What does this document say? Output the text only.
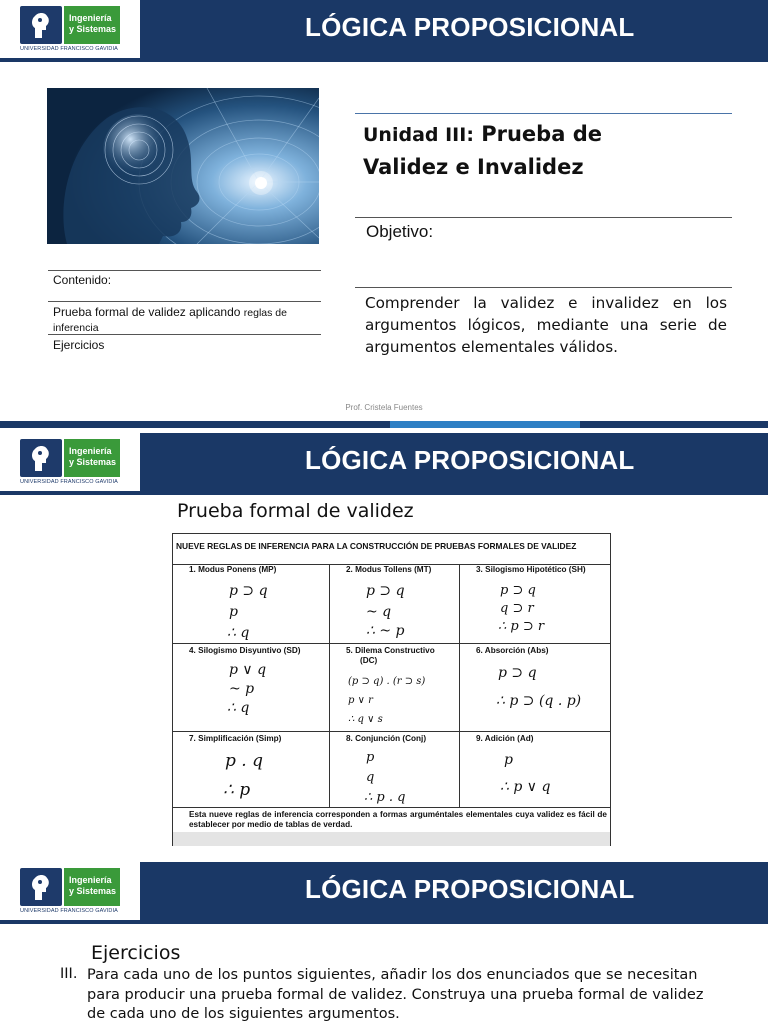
Ingeniería
y Sistemas
UNIVERSIDAD FRANCISCO GAVIDIA
LÓGICA PROPOSICIONAL
Unidad III: Prueba de
Validez e Invalidez
Objetivo:
Comprender la validez e invalidez en los argumentos lógicos, mediante una serie de argumentos elementales válidos.
Contenido:
Prueba formal de validez aplicando reglas de inferencia
Ejercicios
Prof. Cristela Fuentes
Ingeniería
y Sistemas
UNIVERSIDAD FRANCISCO GAVIDIA
LÓGICA PROPOSICIONAL
Prueba formal de validez
NUEVE REGLAS DE INFERENCIA PARA LA CONSTRUCCIÓN DE PRUEBAS FORMALES DE VALIDEZ
1. Modus Ponens (MP)
p ⊃ q
p
∴ q
2. Modus Tollens (MT)
p ⊃ q
~ q
∴ ~ p
3. Silogismo Hipotético (SH)
p ⊃ q
q ⊃ r
∴ p ⊃ r
4. Silogismo Disyuntivo (SD)
p ∨ q
~ p
∴ q
5. Dilema Constructivo
(DC)
(p ⊃ q) . (r ⊃ s)
p ∨ r
∴ q ∨ s
6. Absorción (Abs)
p ⊃ q
∴ p ⊃ (q . p)
7. Simplificación (Simp)
p . q
∴ p
8. Conjunción (Conj)
p
q
∴ p . q
9. Adición (Ad)
p
∴ p ∨ q
Esta nueve reglas de inferencia corresponden a formas arguméntales elementales cuya validez es fácil de establecer por medio de tablas de verdad.
Ingeniería
y Sistemas
UNIVERSIDAD FRANCISCO GAVIDIA
LÓGICA PROPOSICIONAL
Ejercicios
III. Para cada uno de los puntos siguientes, añadir los dos enunciados que se necesitan para producir una prueba formal de validez. Construya una prueba formal de validez de cada uno de los siguientes argumentos.
